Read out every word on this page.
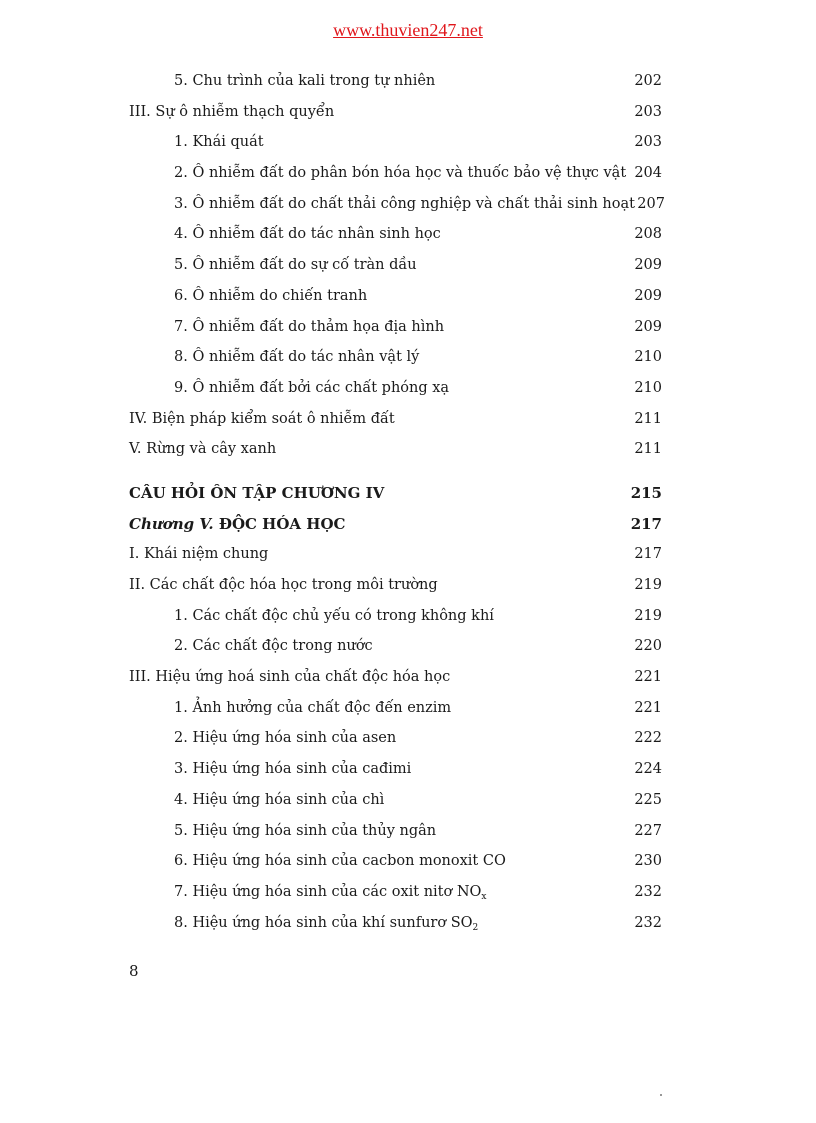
www.thuvien247.net
5. Chu trình của kali trong tự nhiên	202
III. Sự ô nhiễm thạch quyển	203
1. Khái quát	203
2. Ô nhiễm đất do phân bón hóa học và thuốc bảo vệ thực vật 204
3. Ô nhiễm đất do chất thải công nghiệp và chất thải sinh hoạt 207
4. Ô nhiễm đất do tác nhân sinh học	208
5. Ô nhiễm đất do sự cố tràn dầu	209
6. Ô nhiễm do chiến tranh	209
7. Ô nhiễm đất do thảm họa địa hình	209
8. Ô nhiễm đất do tác nhân vật lý	210
9. Ô nhiễm đất bởi các chất phóng xạ	210
IV. Biện pháp kiểm soát ô nhiễm đất	211
V. Rừng và cây xanh	211
CÂU HỎI ÔN TẬP CHƯƠNG IV	215
Chương V. ĐỘC HÓA HỌC	217
I. Khái niệm chung	217
II. Các chất độc hóa học trong môi trường	219
1. Các chất độc chủ yếu có trong không khí	219
2. Các chất độc trong nước	220
III. Hiệu ứng hoá sinh của chất độc hóa học	221
1. Ảnh hưởng của chất độc đến enzim	221
2. Hiệu ứng hóa sinh của asen	222
3. Hiệu ứng hóa sinh của cađimi	224
4. Hiệu ứng hóa sinh của chì	225
5. Hiệu ứng hóa sinh của thủy ngân	227
6. Hiệu ứng hóa sinh của cacbon monoxit CO	230
7. Hiệu ứng hóa sinh của các oxit nitơ $NO_x$	232
8. Hiệu ứng hóa sinh của khí sunfurơ $SO_2$	232
8
